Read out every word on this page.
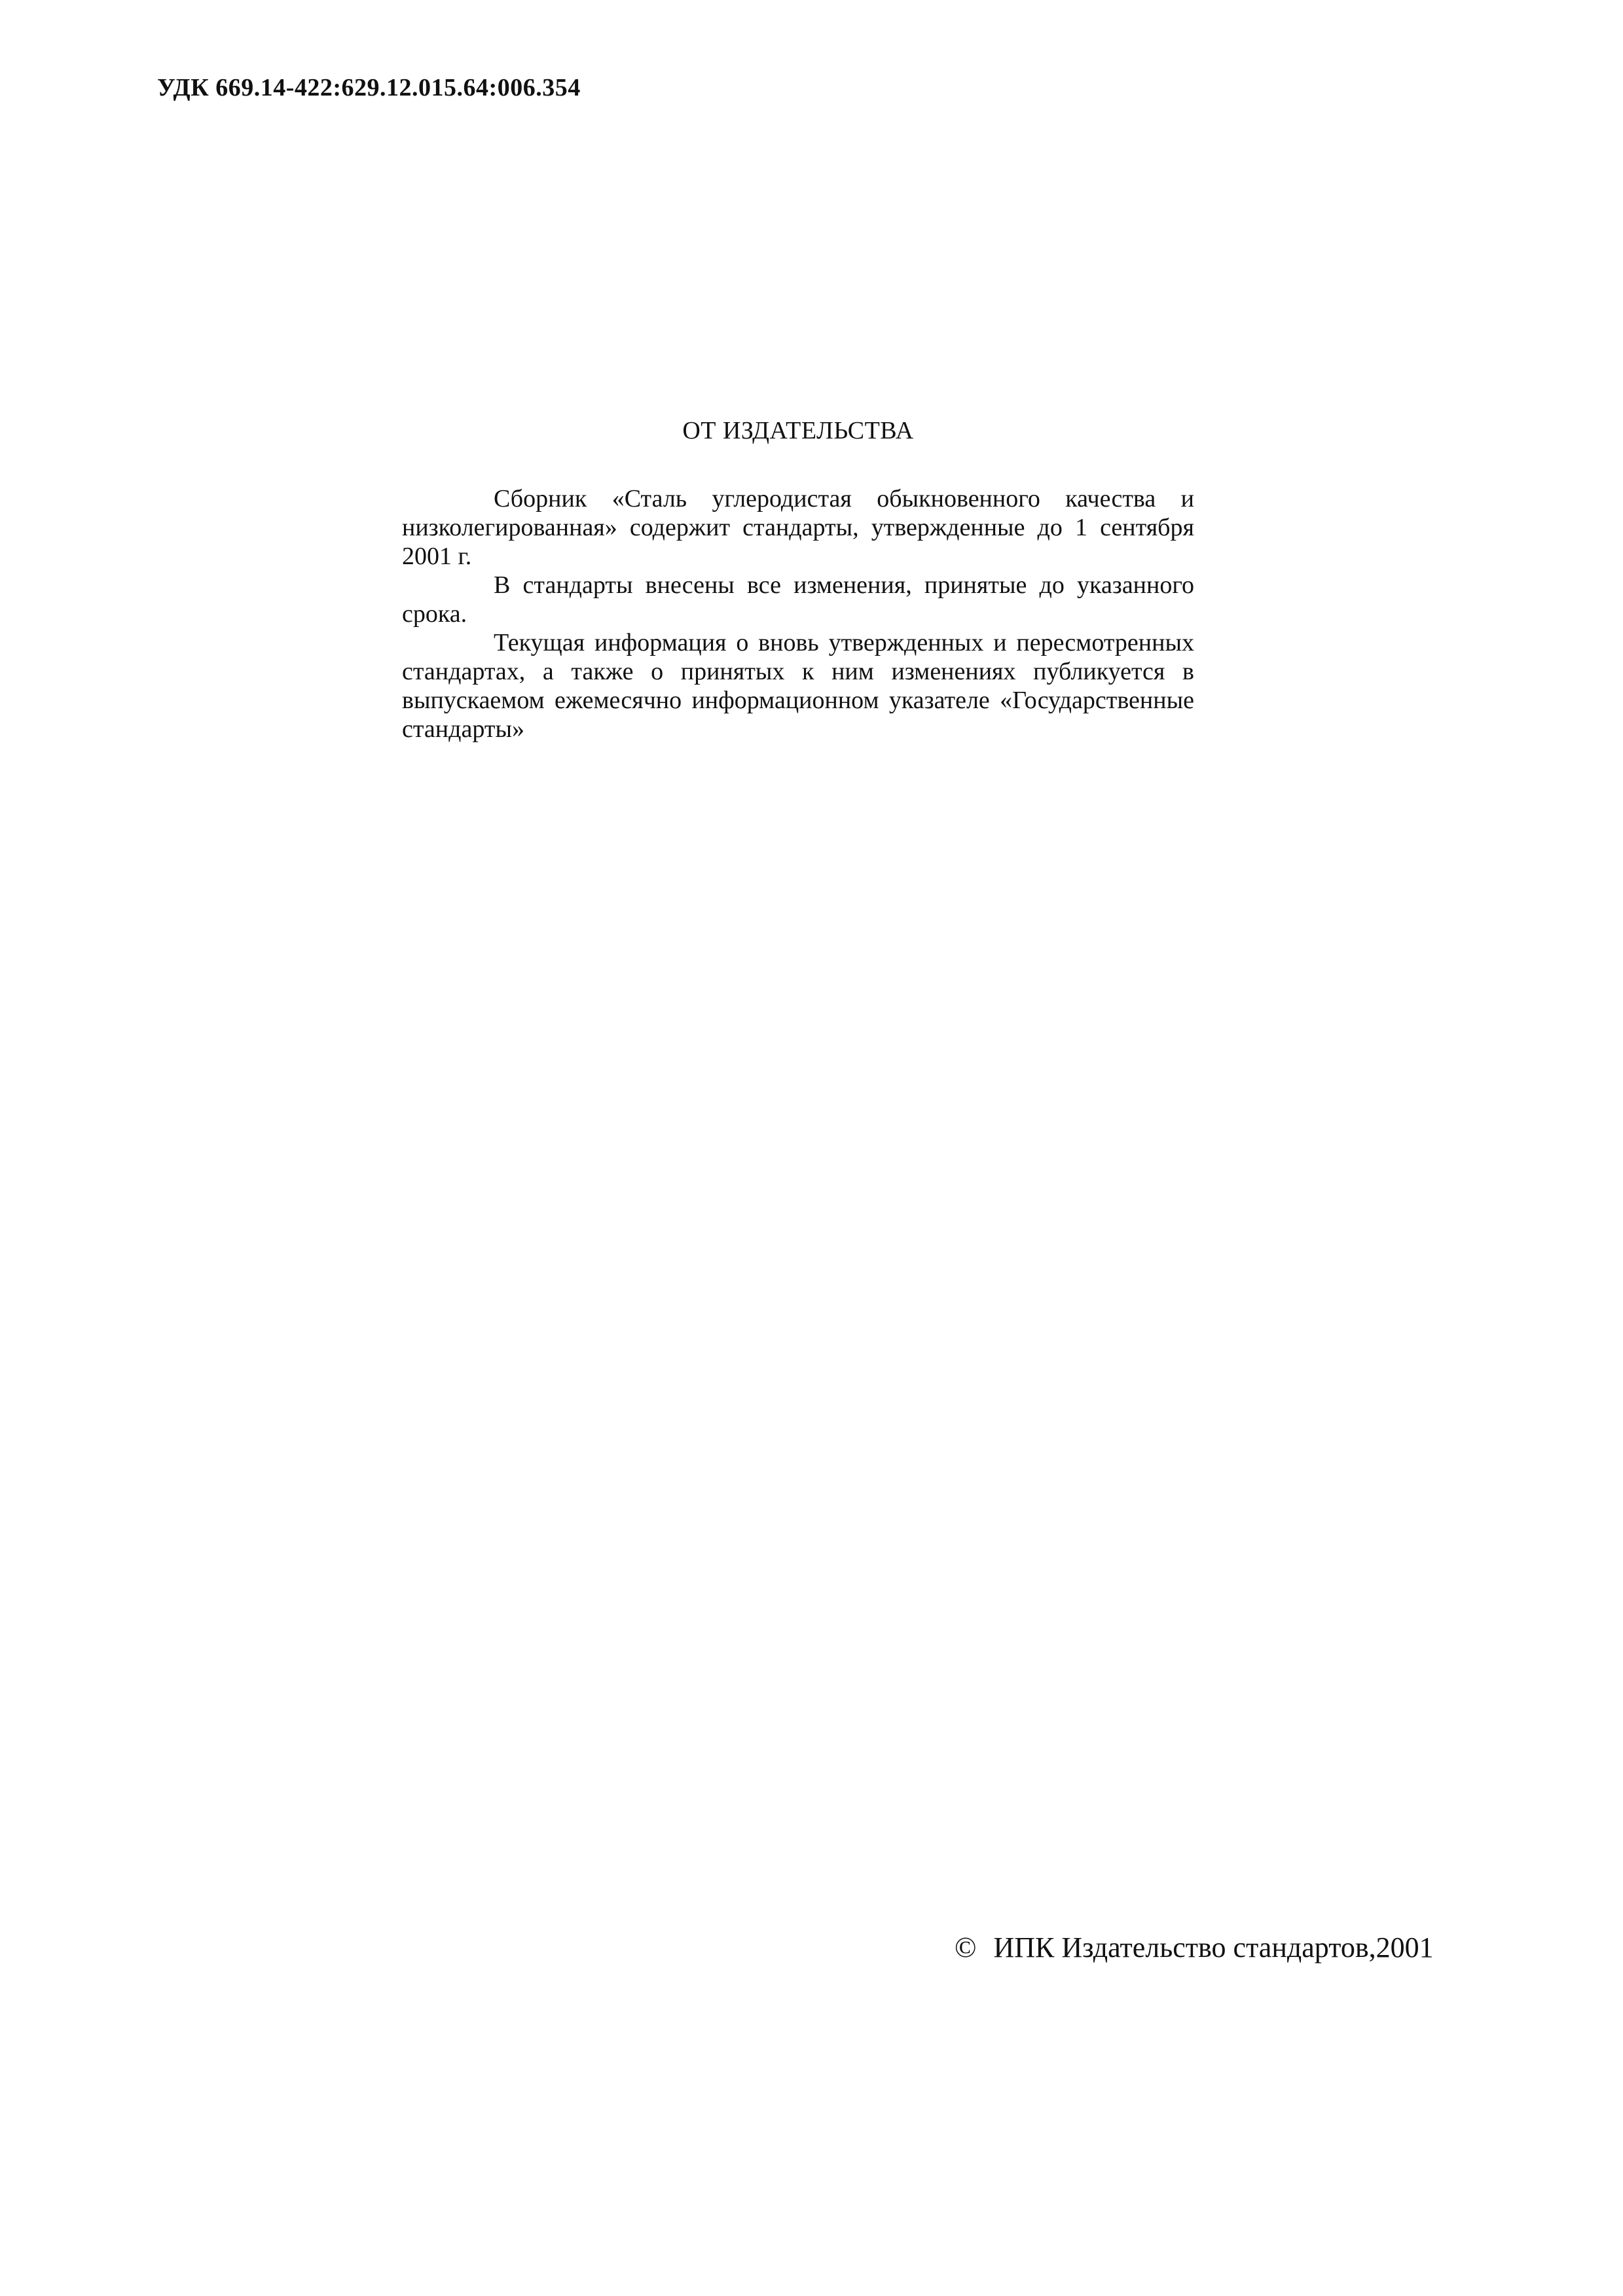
УДК 669.14-422:629.12.015.64:006.354
ОТ ИЗДАТЕЛЬСТВА

Сборник «Сталь углеродистая обыкновенного качества и низколегированная» содержит стандарты, утвержденные до 1 сентября 2001 г.

В стандарты внесены все изменения, принятые до указанного срока.

Текущая информация о вновь утвержденных и пересмотренных стандартах, а также о принятых к ним изменениях публикуется в выпускаемом ежемесячно информационном указателе «Государственные стандарты»

© ИПК Издательство стандартов,2001
